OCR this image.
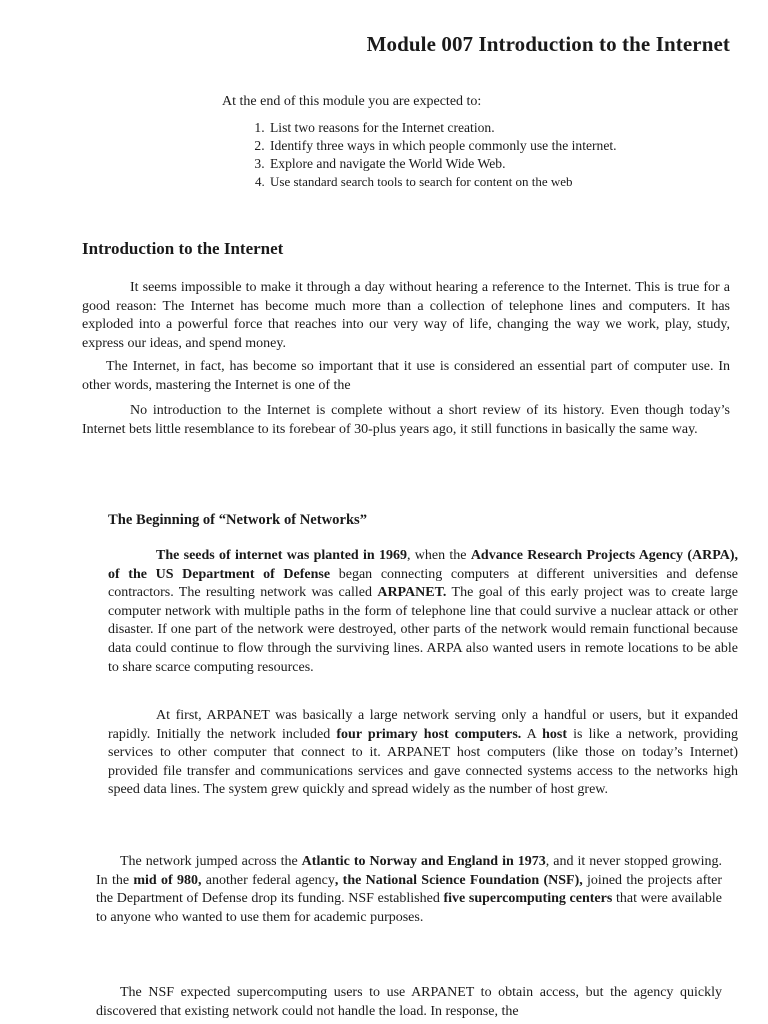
Module 007 Introduction to the Internet

At the end of this module you are expected to:

1. List two reasons for the Internet creation.
2. Identify three ways in which people commonly use the internet.
3. Explore and navigate the World Wide Web.
4. Use standard search tools to search for content on the web
Introduction to the Internet

It seems impossible to make it through a day without hearing a reference to the Internet. This is true for a good reason: The Internet has become much more than a collection of telephone lines and computers. It has exploded into a powerful force that reaches into our very way of life, changing the way we work, play, study, express our ideas, and spend money.

The Internet, in fact, has become so important that it use is considered an essential part of computer use. In other words, mastering the Internet is one of the

No introduction to the Internet is complete without a short review of its history. Even though today’s Internet bets little resemblance to its forebear of 30-plus years ago, it still functions in basically the same way.

The Beginning of “Network of Networks”

The seeds of internet was planted in 1969, when the Advance Research Projects Agency (ARPA), of the US Department of Defense began connecting computers at different universities and defense contractors. The resulting network was called ARPANET. The goal of this early project was to create large computer network with multiple paths in the form of telephone line that could survive a nuclear attack or other disaster. If one part of the network were destroyed, other parts of the network would remain functional because data could continue to flow through the surviving lines. ARPA also wanted users in remote locations to be able to share scarce computing resources.

At first, ARPANET was basically a large network serving only a handful or users, but it expanded rapidly. Initially the network included four primary host computers. A host is like a network, providing services to other computer that connect to it. ARPANET host computers (like those on today’s Internet) provided file transfer and communications services and gave connected systems access to the networks high speed data lines. The system grew quickly and spread widely as the number of host grew.

The network jumped across the Atlantic to Norway and England in 1973, and it never stopped growing. In the mid of 980, another federal agency, the National Science Foundation (NSF), joined the projects after the Department of Defense drop its funding. NSF established five supercomputing centers that were available to anyone who wanted to use them for academic purposes.

The NSF expected supercomputing users to use ARPANET to obtain access, but the agency quickly discovered that existing network could not handle the load. In response, the
